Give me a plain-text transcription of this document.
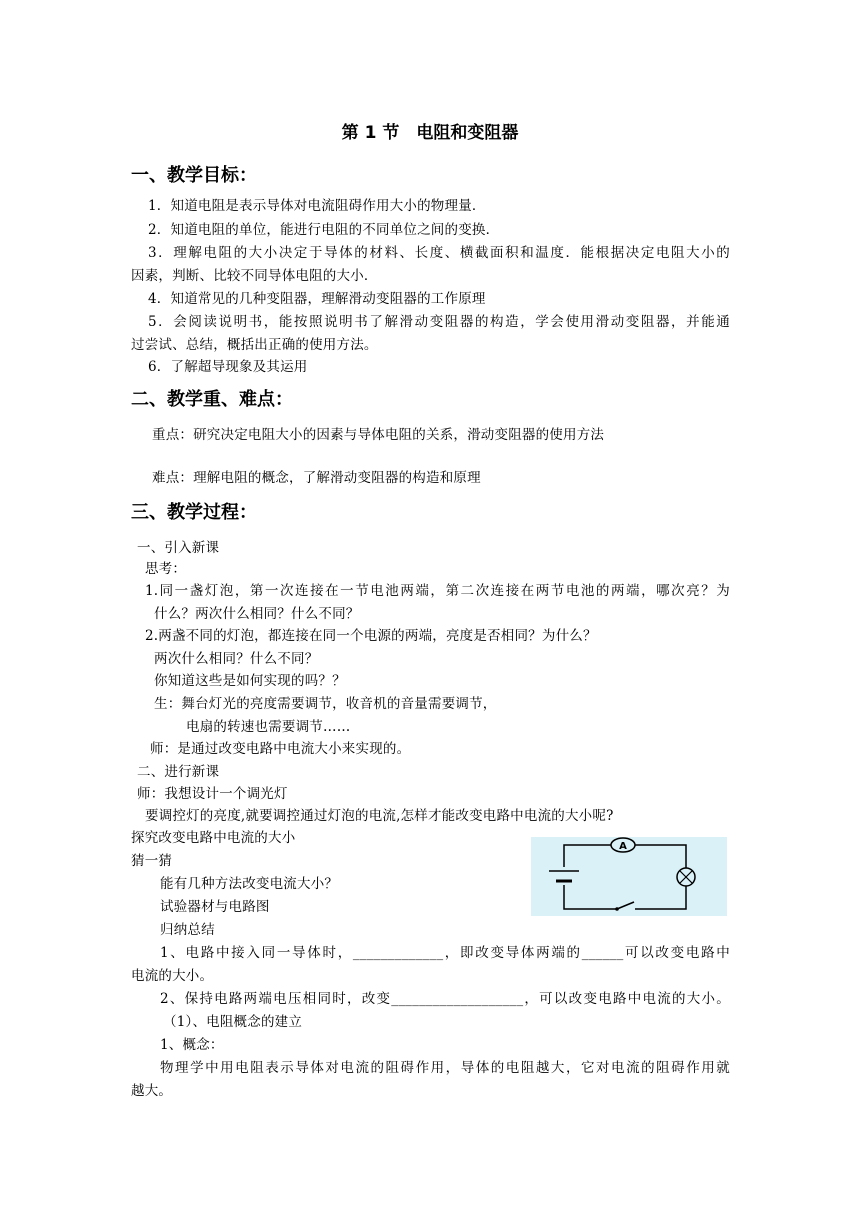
第 1 节　电阻和变阻器
一、教学目标：
1．知道电阻是表示导体对电流阻碍作用大小的物理量．
2．知道电阻的单位，能进行电阻的不同单位之间的变换．
3．理解电阻的大小决定于导体的材料、长度、横截面积和温度．能根据决定电阻大小的
因素，判断、比较不同导体电阻的大小．
4．知道常见的几种变阻器，理解滑动变阻器的工作原理
5．会阅读说明书，能按照说明书了解滑动变阻器的构造，学会使用滑动变阻器，并能通
过尝试、总结，概括出正确的使用方法。
6．了解超导现象及其运用
二、教学重、难点：
重点：研究决定电阻大小的因素与导体电阻的关系，滑动变阻器的使用方法
难点：理解电阻的概念，了解滑动变阻器的构造和原理
三、教学过程：
一、引入新课
思考：
1.同一盏灯泡，第一次连接在一节电池两端，第二次连接在两节电池的两端，哪次亮？为
什么？两次什么相同？什么不同？
2.两盏不同的灯泡，都连接在同一个电源的两端，亮度是否相同？为什么？
两次什么相同？什么不同？
你知道这些是如何实现的吗？？
生：舞台灯光的亮度需要调节，收音机的音量需要调节，
电扇的转速也需要调节……
师：是通过改变电路中电流大小来实现的。
二、进行新课
师：我想设计一个调光灯
要调控灯的亮度,就要调控通过灯泡的电流,怎样才能改变电路中电流的大小呢?
探究改变电路中电流的大小
猜一猜
能有几种方法改变电流大小？
试验器材与电路图
归纳总结
1、电路中接入同一导体时，_____________，即改变导体两端的______可以改变电路中
电流的大小。
2、保持电路两端电压相同时，改变___________________，可以改变电路中电流的大小。
（1）、电阻概念的建立
1、概念：
物理学中用电阻表示导体对电流的阻碍作用，导体的电阻越大，它对电流的阻碍作用就
越大。
A
